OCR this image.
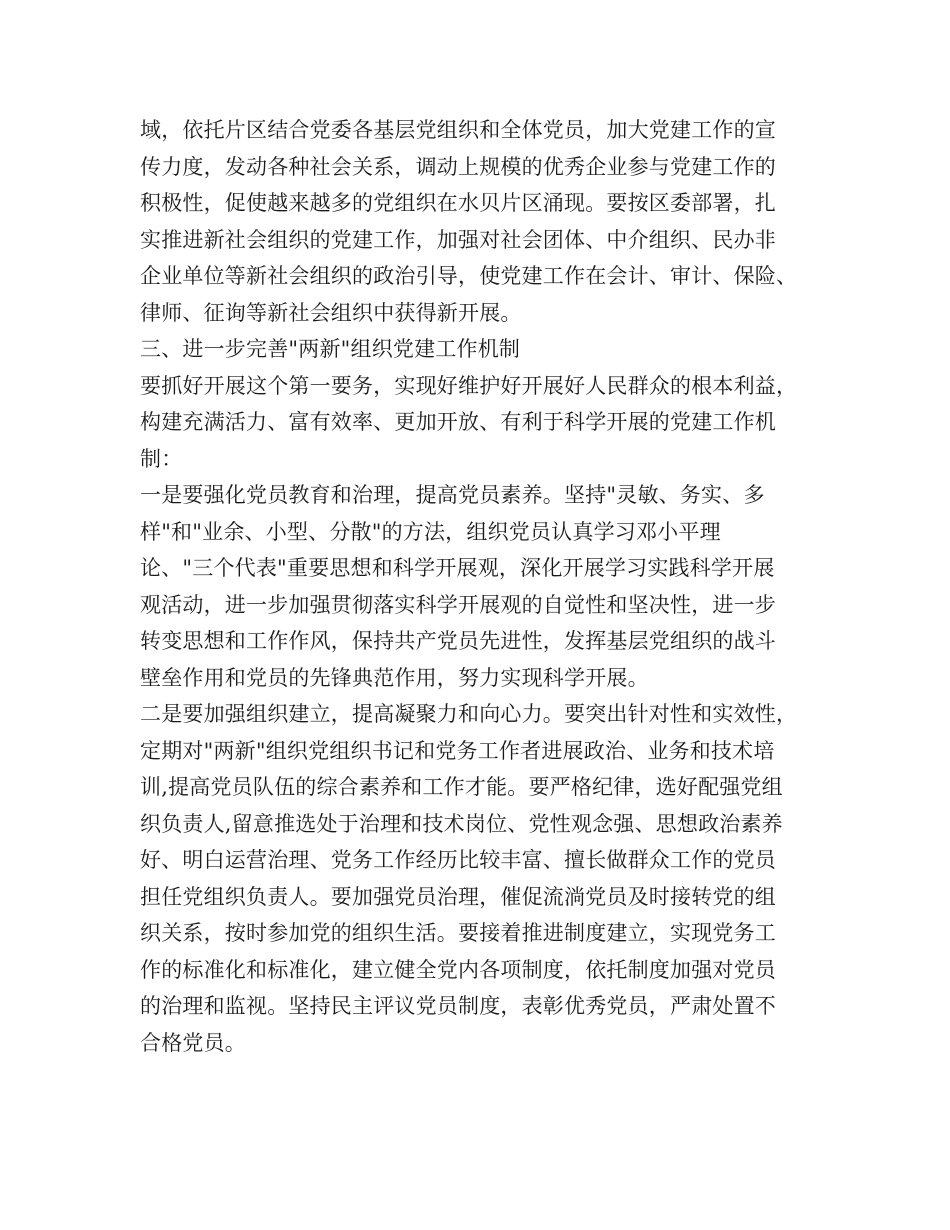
域，依托片区结合党委各基层党组织和全体党员，加大党建工作的宣
传力度，发动各种社会关系，调动上规模的优秀企业参与党建工作的
积极性，促使越来越多的党组织在水贝片区涌现。要按区委部署，扎
实推进新社会组织的党建工作，加强对社会团体、中介组织、民办非
企业单位等新社会组织的政治引导，使党建工作在会计、审计、保险、
律师、征询等新社会组织中获得新开展。
三、进一步完善"两新"组织党建工作机制
要抓好开展这个第一要务，实现好维护好开展好人民群众的根本利益，
构建充满活力、富有效率、更加开放、有利于科学开展的党建工作机
制：
一是要强化党员教育和治理，提高党员素养。坚持"灵敏、务实、多
样"和"业余、小型、分散"的方法，组织党员认真学习邓小平理
论、"三个代表"重要思想和科学开展观，深化开展学习实践科学开展
观活动，进一步加强贯彻落实科学开展观的自觉性和坚决性，进一步
转变思想和工作作风，保持共产党员先进性，发挥基层党组织的战斗
壁垒作用和党员的先锋典范作用，努力实现科学开展。
二是要加强组织建立，提高凝聚力和向心力。要突出针对性和实效性，
定期对"两新"组织党组织书记和党务工作者进展政治、业务和技术培
训,提高党员队伍的综合素养和工作才能。要严格纪律，选好配强党组
织负责人,留意推选处于治理和技术岗位、党性观念强、思想政治素养
好、明白运营治理、党务工作经历比较丰富、擅长做群众工作的党员
担任党组织负责人。要加强党员治理，催促流淌党员及时接转党的组
织关系，按时参加党的组织生活。要接着推进制度建立，实现党务工
作的标准化和标准化，建立健全党内各项制度，依托制度加强对党员
的治理和监视。坚持民主评议党员制度，表彰优秀党员，严肃处置不
合格党员。
